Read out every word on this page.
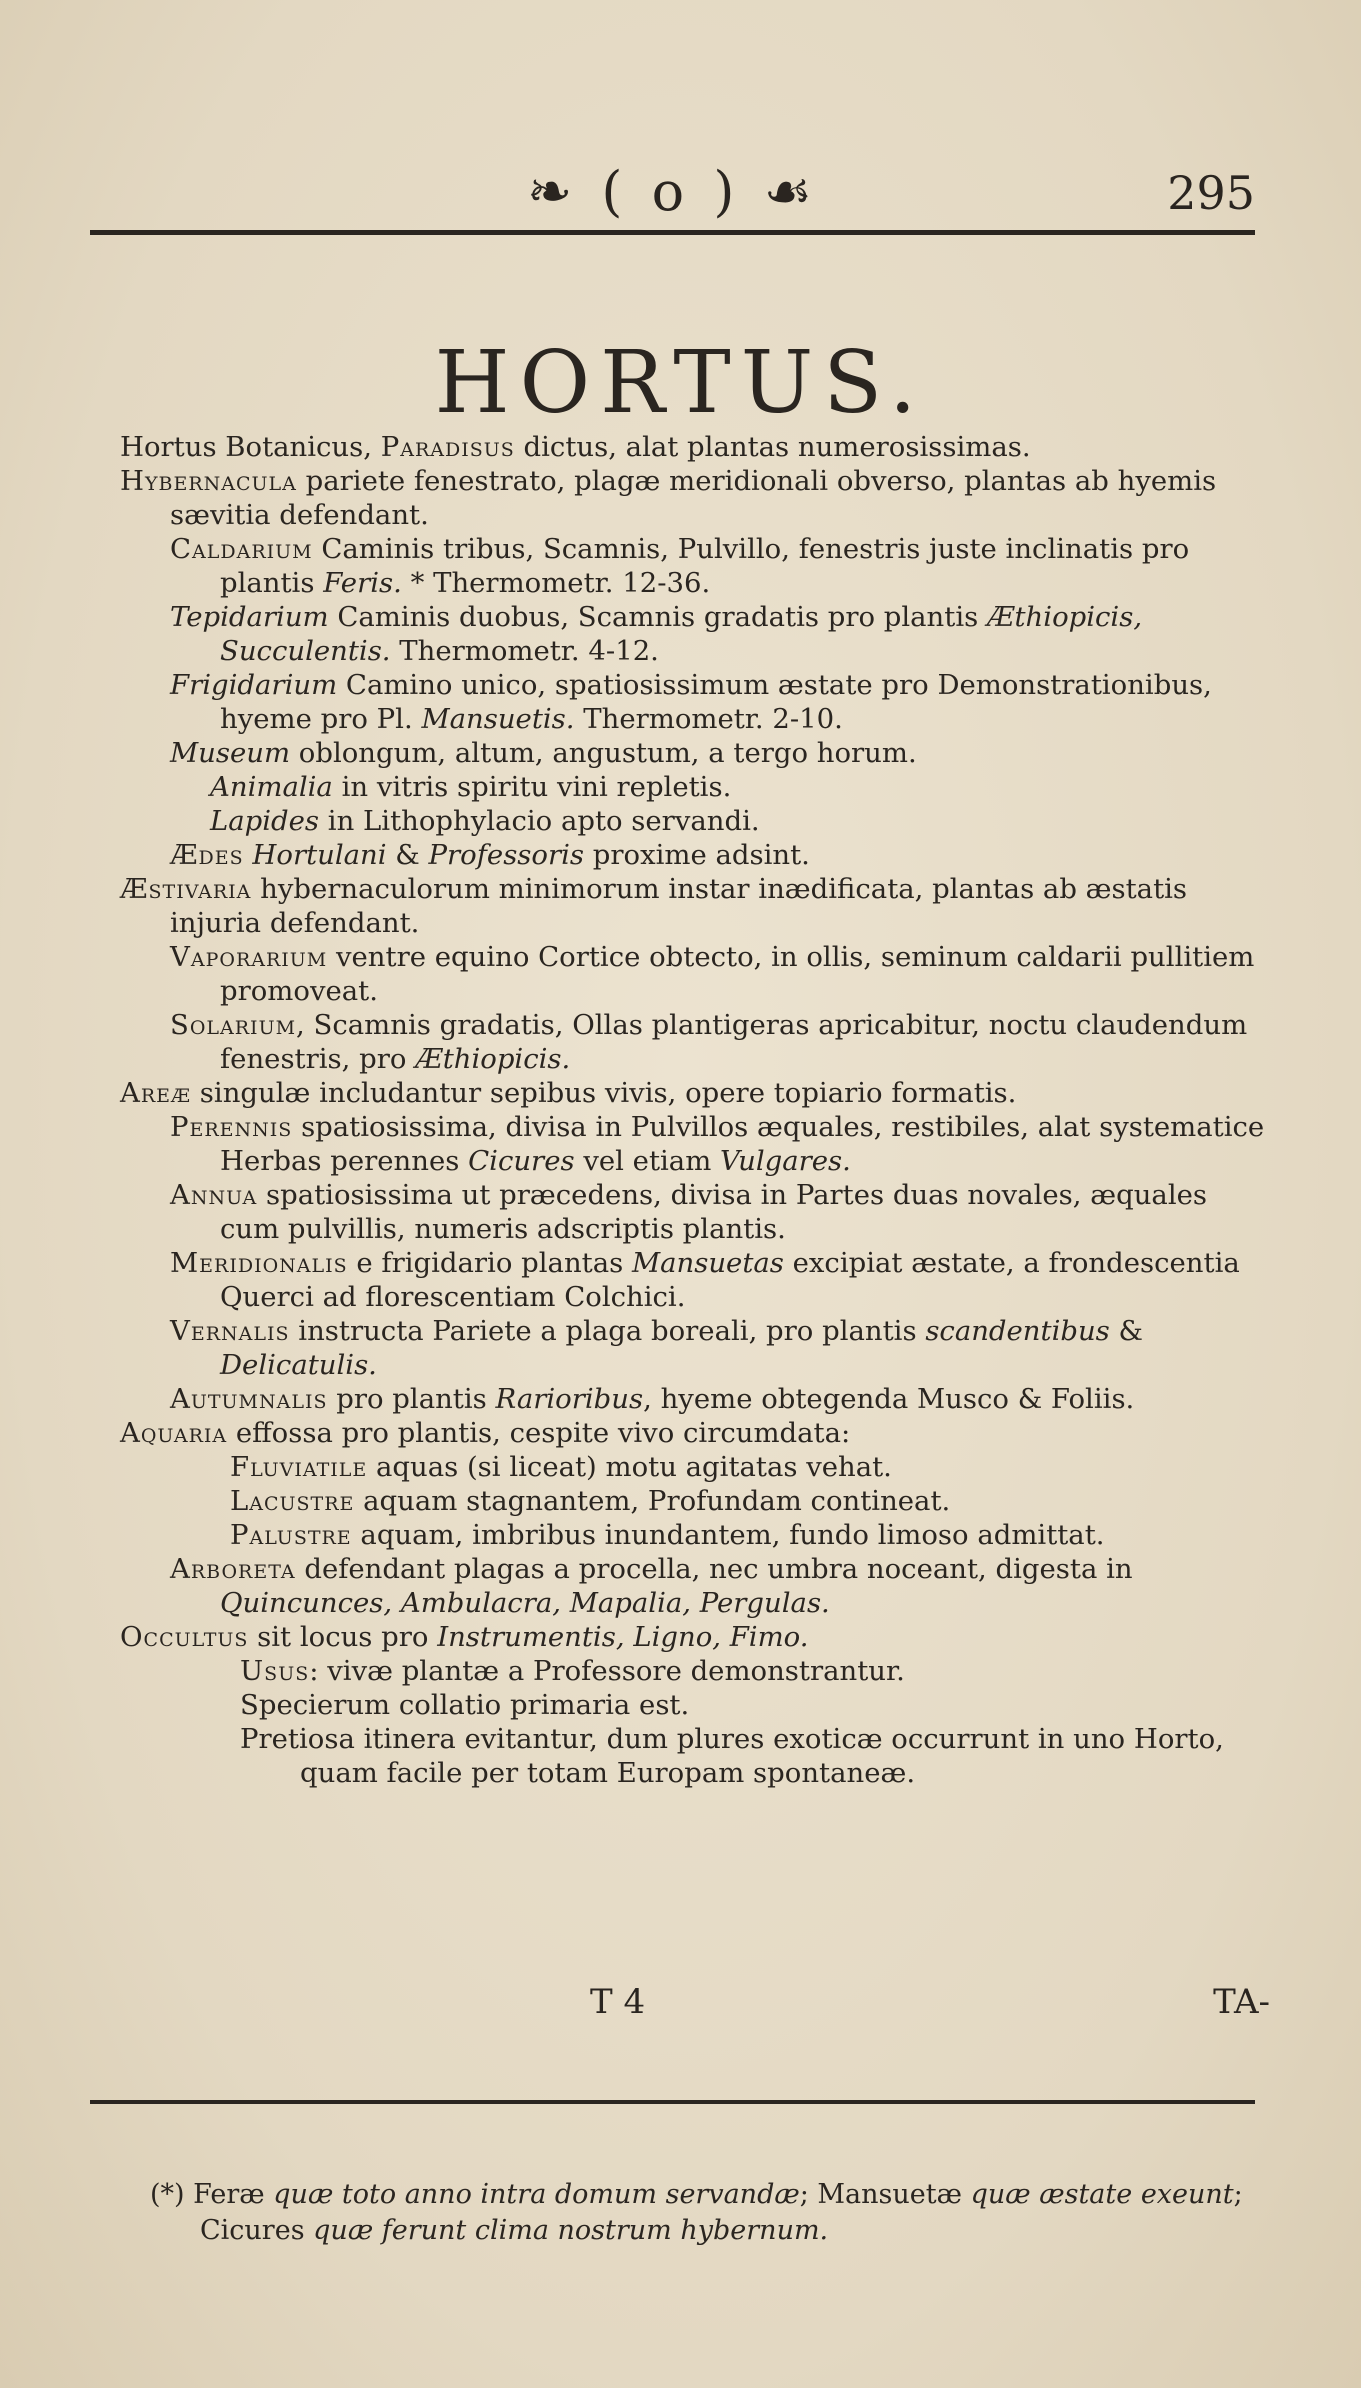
❧ ( o ) ☙	295
HORTUS.

Hortus Botanicus, Paradisus dictus, alat plantas numerosissimas.

Hybernacula pariete fenestrato, plagæ meridionali obverso, plantas ab hyemis sævitia defendant.

Caldarium Caminis tribus, Scamnis, Pulvillo, fenestris juste inclinatis pro plantis Feris. * Thermometr. 12-36.

Tepidarium Caminis duobus, Scamnis gradatis pro plantis Æthiopicis, Succulentis. Thermometr. 4-12.

Frigidarium Camino unico, spatiosissimum æstate pro Demonstrationibus, hyeme pro Pl. Mansuetis. Thermometr. 2-10.

Museum oblongum, altum, angustum, a tergo horum.

Animalia in vitris spiritu vini repletis.

Lapides in Lithophylacio apto servandi.

Ædes Hortulani & Professoris proxime adsint.

Æstivaria hybernaculorum minimorum instar inædificata, plantas ab æstatis injuria defendant.

Vaporarium ventre equino Cortice obtecto, in ollis, seminum caldarii pullitiem promoveat.

Solarium, Scamnis gradatis, Ollas plantigeras apricabitur, noctu claudendum fenestris, pro Æthiopicis.

Areæ singulæ includantur sepibus vivis, opere topiario formatis.

Perennis spatiosissima, divisa in Pulvillos æquales, restibiles, alat systematice Herbas perennes Cicures vel etiam Vulgares.

Annua spatiosissima ut præcedens, divisa in Partes duas novales, æquales cum pulvillis, numeris adscriptis plantis.

Meridionalis e frigidario plantas Mansuetas excipiat æstate, a frondescentia Querci ad florescentiam Colchici.

Vernalis instructa Pariete a plaga boreali, pro plantis scandentibus & Delicatulis.

Autumnalis pro plantis Rarioribus, hyeme obtegenda Musco & Foliis.

Aquaria effossa pro plantis, cespite vivo circumdata:

Fluviatile aquas (si liceat) motu agitatas vehat.

Lacustre aquam stagnantem, Profundam contineat.

Palustre aquam, imbribus inundantem, fundo limoso admittat.

Arboreta defendant plagas a procella, nec umbra noceant, digesta in Quincunces, Ambulacra, Mapalia, Pergulas.

Occultus sit locus pro Instrumentis, Ligno, Fimo.

Usus: vivæ plantæ a Professore demonstrantur.

Specierum collatio primaria est.

Pretiosa itinera evitantur, dum plures exoticæ occurrunt in uno Horto, quam facile per totam Europam spontaneæ.

T 4	TA-

(*) Feræ quæ toto anno intra domum servandæ; Mansuetæ quæ æstate exeunt; Cicures quæ ferunt clima nostrum hybernum.
